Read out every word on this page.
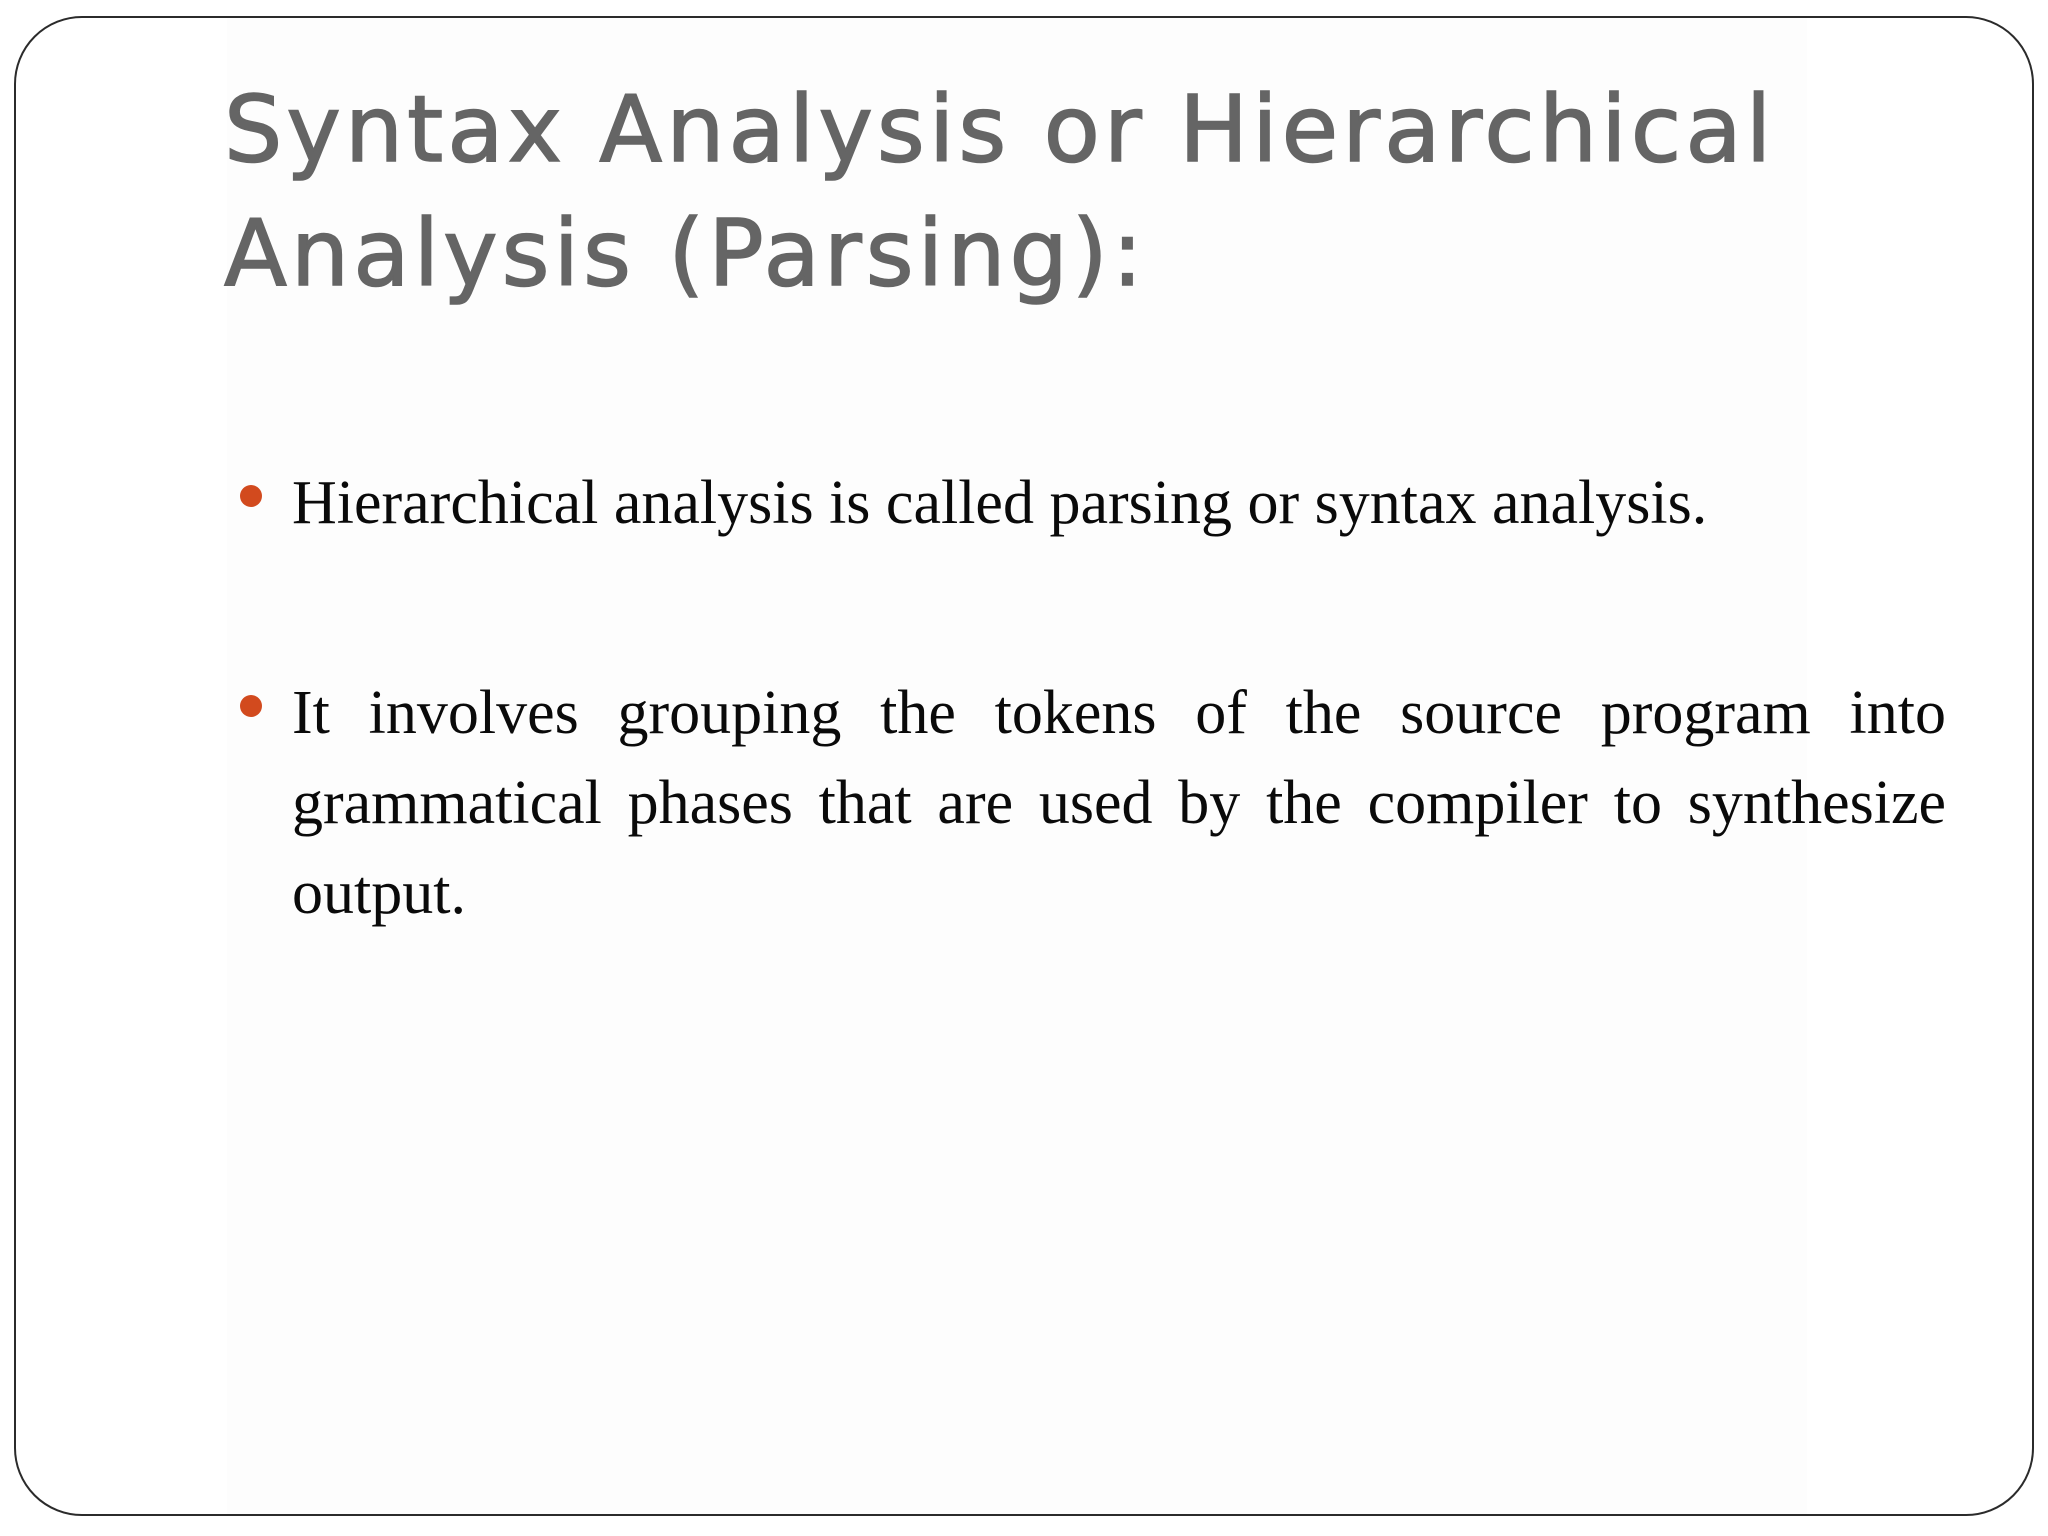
Syntax Analysis or Hierarchical Analysis (Parsing):
Hierarchical analysis is called parsing or syntax analysis.
It involves grouping the tokens of the source program into grammatical phases that are used by the compiler to synthesize output.
